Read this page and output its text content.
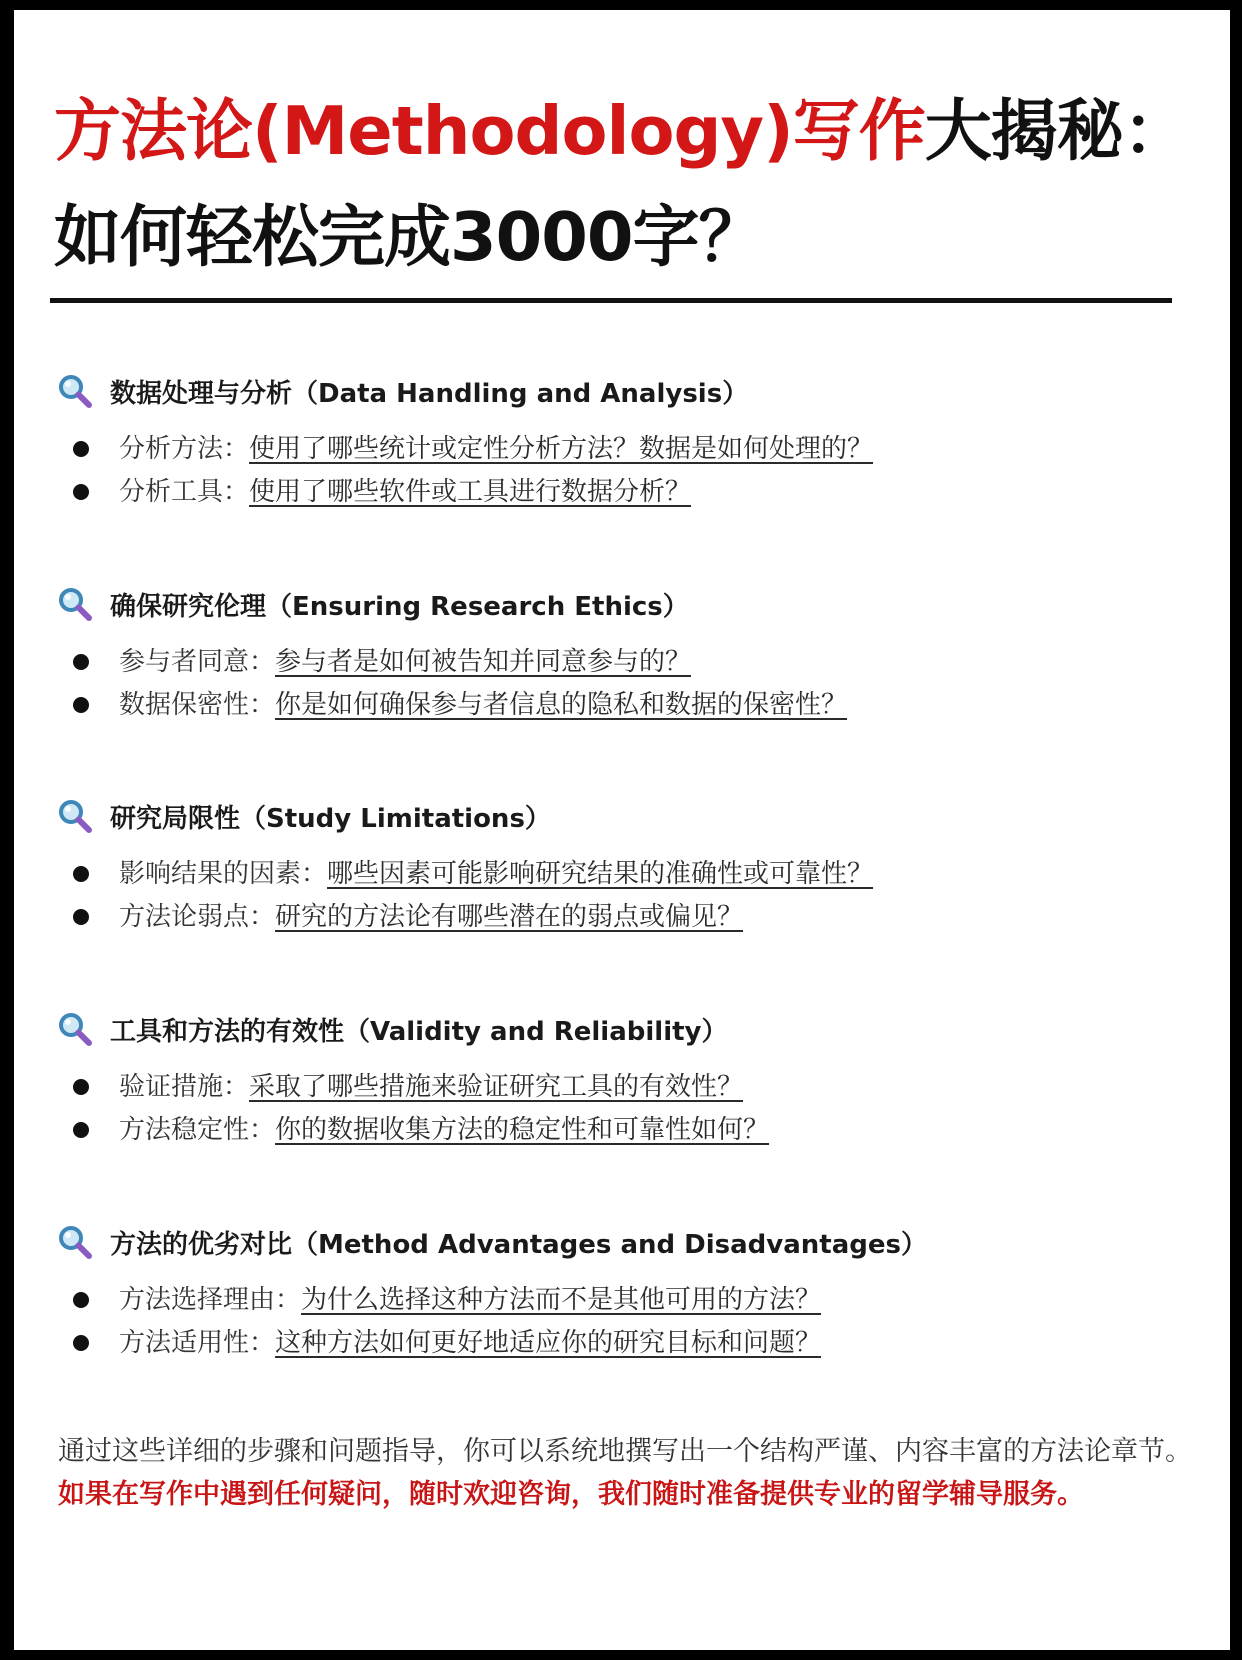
方法论(Methodology)写作大揭秘：
如何轻松完成3000字？
数据处理与分析（Data Handling and Analysis）
分析方法：使用了哪些统计或定性分析方法？数据是如何处理的？
分析工具：使用了哪些软件或工具进行数据分析？
确保研究伦理（Ensuring Research Ethics）
参与者同意：参与者是如何被告知并同意参与的？
数据保密性：你是如何确保参与者信息的隐私和数据的保密性？
研究局限性（Study Limitations）
影响结果的因素：哪些因素可能影响研究结果的准确性或可靠性？
方法论弱点：研究的方法论有哪些潜在的弱点或偏见？
工具和方法的有效性（Validity and Reliability）
验证措施：采取了哪些措施来验证研究工具的有效性？
方法稳定性：你的数据收集方法的稳定性和可靠性如何？
方法的优劣对比（Method Advantages and Disadvantages）
方法选择理由：为什么选择这种方法而不是其他可用的方法？
方法适用性：这种方法如何更好地适应你的研究目标和问题？

通过这些详细的步骤和问题指导，你可以系统地撰写出一个结构严谨、内容丰富的方法论章节。如果在写作中遇到任何疑问，随时欢迎咨询，我们随时准备提供专业的留学辅导服务。
